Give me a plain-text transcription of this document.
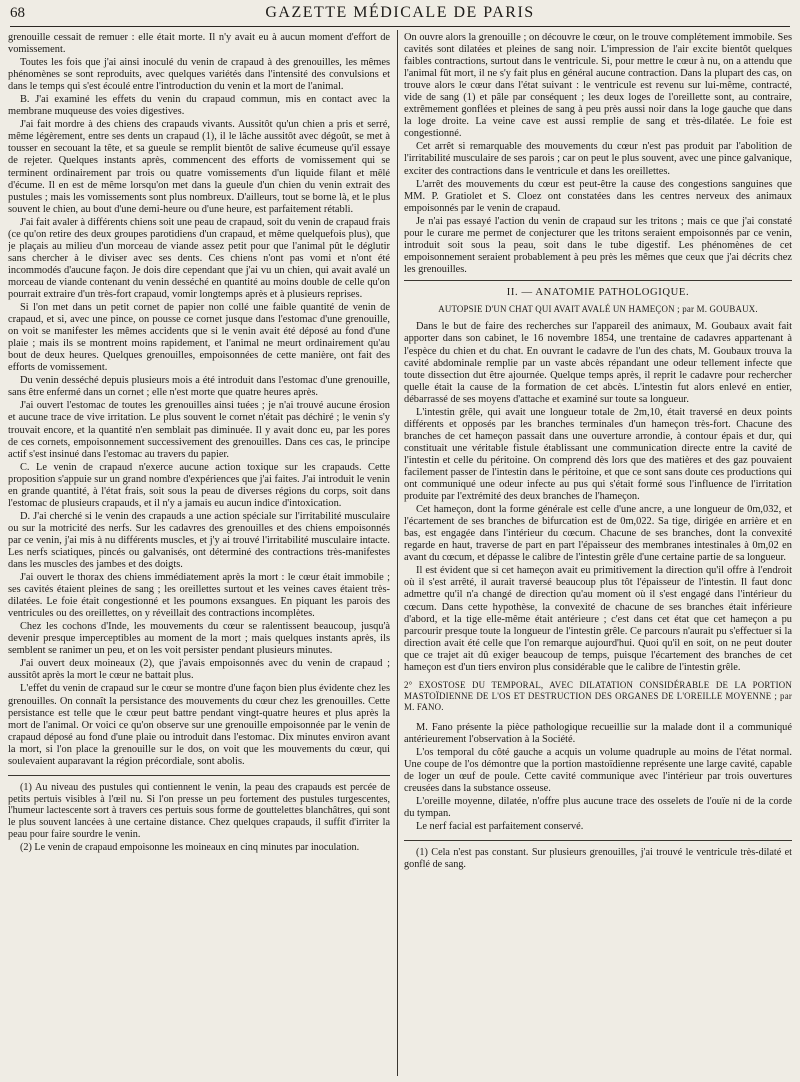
68	GAZETTE MÉDICALE DE PARIS

grenouille cessait de remuer : elle était morte. Il n'y avait eu à aucun moment d'effort de vomissement.

Toutes les fois que j'ai ainsi inoculé du venin de crapaud à des grenouilles, les mêmes phénomènes se sont reproduits, avec quelques variétés dans l'intensité des convulsions et dans le temps qui s'est écoulé entre l'introduction du venin et la mort de l'animal.

B. J'ai examiné les effets du venin du crapaud commun, mis en contact avec la membrane muqueuse des voies digestives.

J'ai fait mordre à des chiens des crapauds vivants. Aussitôt qu'un chien a pris et serré, même légèrement, entre ses dents un crapaud (1), il le lâche aussitôt avec dégoût, se met à tousser en secouant la tête, et sa gueule se remplit bientôt de salive écumeuse qu'il essaye de rejeter. Quelques instants après, commencent des efforts de vomissement qui se terminent ordinairement par trois ou quatre vomissements d'un liquide filant et mêlé d'écume. Il en est de même lorsqu'on met dans la gueule d'un chien du venin extrait des pustules ; mais les vomissements sont plus nombreux. D'ailleurs, tout se borne là, et le plus souvent le chien, au bout d'une demi-heure ou d'une heure, est parfaitement rétabli.

J'ai fait avaler à différents chiens soit une peau de crapaud, soit du venin de crapaud frais (ce qu'on retire des deux groupes parotidiens d'un crapaud, et même quelquefois plus), que je plaçais au milieu d'un morceau de viande assez petit pour que l'animal pût le déglutir sans chercher à le diviser avec ses dents. Ces chiens n'ont pas vomi et n'ont été incommodés d'aucune façon. Je dois dire cependant que j'ai vu un chien, qui avait avalé un morceau de viande contenant du venin desséché en quantité au moins double de celle qu'on pourrait extraire d'un très-fort crapaud, vomir longtemps après et à plusieurs reprises.

Si l'on met dans un petit cornet de papier non collé une faible quantité de venin de crapaud, et si, avec une pince, on pousse ce cornet jusque dans l'estomac d'une grenouille, on voit se manifester les mêmes accidents que si le venin avait été déposé au fond d'une plaie ; mais ils se montrent moins rapidement, et l'animal ne meurt ordinairement qu'au bout de deux heures. Quelques grenouilles, empoisonnées de cette manière, ont fait des efforts de vomissement.

Du venin desséché depuis plusieurs mois a été introduit dans l'estomac d'une grenouille, sans être enfermé dans un cornet ; elle n'est morte que quatre heures après.

J'ai ouvert l'estomac de toutes les grenouilles ainsi tuées ; je n'ai trouvé aucune érosion et aucune trace de vive irritation. Le plus souvent le cornet n'était pas déchiré ; le venin s'y trouvait encore, et la quantité n'en semblait pas diminuée. Il y avait donc eu, par les pores de ces cornets, empoisonnement successivement des grenouilles. Dans ces cas, le principe actif s'est insinué dans l'estomac au travers du papier.

C. Le venin de crapaud n'exerce aucune action toxique sur les crapauds. Cette proposition s'appuie sur un grand nombre d'expériences que j'ai faites. J'ai introduit le venin en grande quantité, à l'état frais, soit sous la peau de diverses régions du corps, soit dans l'estomac de plusieurs crapauds, et il n'y a jamais eu aucun indice d'intoxication.

D. J'ai cherché si le venin des crapauds a une action spéciale sur l'irritabilité musculaire ou sur la motricité des nerfs. Sur les cadavres des grenouilles et des chiens empoisonnés par ce venin, j'ai mis à nu différents muscles, et j'y ai trouvé l'irritabilité musculaire intacte. Les nerfs sciatiques, pincés ou galvanisés, ont déterminé des contractions très-manifestes dans les muscles des jambes et des doigts.

J'ai ouvert le thorax des chiens immédiatement après la mort : le cœur était immobile ; ses cavités étaient pleines de sang ; les oreillettes surtout et les veines caves étaient très-dilatées. Le foie était congestionné et les poumons exsangues. En piquant les parois des ventricules ou des oreillettes, on y réveillait des contractions incomplètes.

Chez les cochons d'Inde, les mouvements du cœur se ralentissent beaucoup, jusqu'à devenir presque imperceptibles au moment de la mort ; mais quelques instants après, ils semblent se ranimer un peu, et on les voit persister pendant plusieurs minutes.

J'ai ouvert deux moineaux (2), que j'avais empoisonnés avec du venin de crapaud ; aussitôt après la mort le cœur ne battait plus.

L'effet du venin de crapaud sur le cœur se montre d'une façon bien plus évidente chez les grenouilles. On connaît la persistance des mouvements du cœur chez les grenouilles. Cette persistance est telle que le cœur peut battre pendant vingt-quatre heures et plus après la mort de l'animal. Or voici ce qu'on observe sur une grenouille empoisonnée par le venin de crapaud déposé au fond d'une plaie ou introduit dans l'estomac. Dix minutes environ avant la mort, si l'on place la grenouille sur le dos, on voit que les mouvements du cœur, qui soulevaient auparavant la région précordiale, sont abolis.

(1) Au niveau des pustules qui contiennent le venin, la peau des crapauds est percée de petits pertuis visibles à l'œil nu. Si l'on presse un peu fortement des pustules turgescentes, l'humeur lactescente sort à travers ces pertuis sous forme de gouttelettes blanchâtres, qui sont le plus souvent lancées à une certaine distance. Chez quelques crapauds, il suffit d'irriter la peau pour faire sourdre le venin.

(2) Le venin de crapaud empoisonne les moineaux en cinq minutes par inoculation.

On ouvre alors la grenouille ; on découvre le cœur, on le trouve complétement immobile. Ses cavités sont dilatées et pleines de sang noir. L'impression de l'air excite bientôt quelques faibles contractions, surtout dans le ventricule. Si, pour mettre le cœur à nu, on a attendu que l'animal fût mort, il ne s'y fait plus en général aucune contraction. Dans la plupart des cas, on trouve alors le cœur dans l'état suivant : le ventricule est revenu sur lui-même, contracté, vide de sang (1) et pâle par conséquent ; les deux loges de l'oreillette sont, au contraire, extrêmement gonflées et pleines de sang à peu près aussi noir dans la loge gauche que dans la loge droite. La veine cave est aussi remplie de sang et très-dilatée. Le foie est congestionné.

Cet arrêt si remarquable des mouvements du cœur n'est pas produit par l'abolition de l'irritabilité musculaire de ses parois ; car on peut le plus souvent, avec une pince galvanique, exciter des contractions dans le ventricule et dans les oreillettes.

L'arrêt des mouvements du cœur est peut-être la cause des congestions sanguines que MM. P. Gratiolet et S. Cloez ont constatées dans les centres nerveux des animaux empoisonnés par le venin de crapaud.

Je n'ai pas essayé l'action du venin de crapaud sur les tritons ; mais ce que j'ai constaté pour le curare me permet de conjecturer que les tritons seraient empoisonnés par ce venin, introduit soit sous la peau, soit dans le tube digestif. Les phénomènes de cet empoisonnement seraient probablement à peu près les mêmes que ceux que j'ai décrits chez les grenouilles.

II. — ANATOMIE PATHOLOGIQUE.
AUTOPSIE D'UN CHAT QUI AVAIT AVALÉ UN HAMEÇON ; par M. GOUBAUX.

Dans le but de faire des recherches sur l'appareil des animaux, M. Goubaux avait fait apporter dans son cabinet, le 16 novembre 1854, une trentaine de cadavres appartenant à l'espèce du chien et du chat. En ouvrant le cadavre de l'un des chats, M. Goubaux trouva la cavité abdominale remplie par un vaste abcès répandant une odeur tellement infecte que toute dissection dut être ajournée. Quelque temps après, il reprit le cadavre pour rechercher quelle était la cause de la formation de cet abcès. L'intestin fut alors enlevé en entier, débarrassé de ses moyens d'attache et examiné sur toute sa longueur.

L'intestin grêle, qui avait une longueur totale de 2m,10, était traversé en deux points différents et opposés par les branches terminales d'un hameçon très-fort. Chacune des branches de cet hameçon passait dans une ouverture arrondie, à contour épais et dur, qui constituait une véritable fistule établissant une communication directe entre la cavité de l'intestin et celle du péritoine. On comprend dès lors que des matières et des gaz pouvaient facilement passer de l'intestin dans le péritoine, et que ce sont sans doute ces productions qui ont communiqué une odeur infecte au pus qui s'était formé sous l'influence de l'irritation produite par l'extrémité des deux branches de l'hameçon.

Cet hameçon, dont la forme générale est celle d'une ancre, a une longueur de 0m,032, et l'écartement de ses branches de bifurcation est de 0m,022. Sa tige, dirigée en arrière et en bas, est engagée dans l'intérieur du cœcum. Chacune de ses branches, dont la convexité regarde en haut, traverse de part en part l'épaisseur des membranes intestinales à 0m,02 en avant du cœcum, et dépasse le calibre de l'intestin grêle d'une certaine partie de sa longueur.

Il est évident que si cet hameçon avait eu primitivement la direction qu'il offre à l'endroit où il s'est arrêté, il aurait traversé beaucoup plus tôt l'épaisseur de l'intestin. Il faut donc admettre qu'il n'a changé de direction qu'au moment où il s'est engagé dans l'intérieur du cœcum. Dans cette hypothèse, la convexité de chacune de ses branches était inférieure d'abord, et la tige elle-même était antérieure ; c'est dans cet état que cet hameçon a pu parcourir presque toute la longueur de l'intestin grêle. Ce parcours n'aurait pu s'effectuer si la direction avait été celle que l'on remarque aujourd'hui. Quoi qu'il en soit, on ne peut douter que ce trajet ait dû exiger beaucoup de temps, puisque l'écartement des branches de cet hameçon est d'un tiers environ plus considérable que le calibre de l'intestin grêle.

2° EXOSTOSE DU TEMPORAL, AVEC DILATATION CONSIDÉRABLE DE LA PORTION MASTOÏDIENNE DE L'OS ET DESTRUCTION DES ORGANES DE L'OREILLE MOYENNE ; par M. FANO.

M. Fano présente la pièce pathologique recueillie sur la malade dont il a communiqué antérieurement l'observation à la Société.

L'os temporal du côté gauche a acquis un volume quadruple au moins de l'état normal. Une coupe de l'os démontre que la portion mastoïdienne représente une large cavité, capable de loger un œuf de poule. Cette cavité communique avec l'intérieur par trois ouvertures creusées dans la substance osseuse.

L'oreille moyenne, dilatée, n'offre plus aucune trace des osselets de l'ouïe ni de la corde du tympan.

Le nerf facial est parfaitement conservé.

(1) Cela n'est pas constant. Sur plusieurs grenouilles, j'ai trouvé le ventricule très-dilaté et gonflé de sang.
